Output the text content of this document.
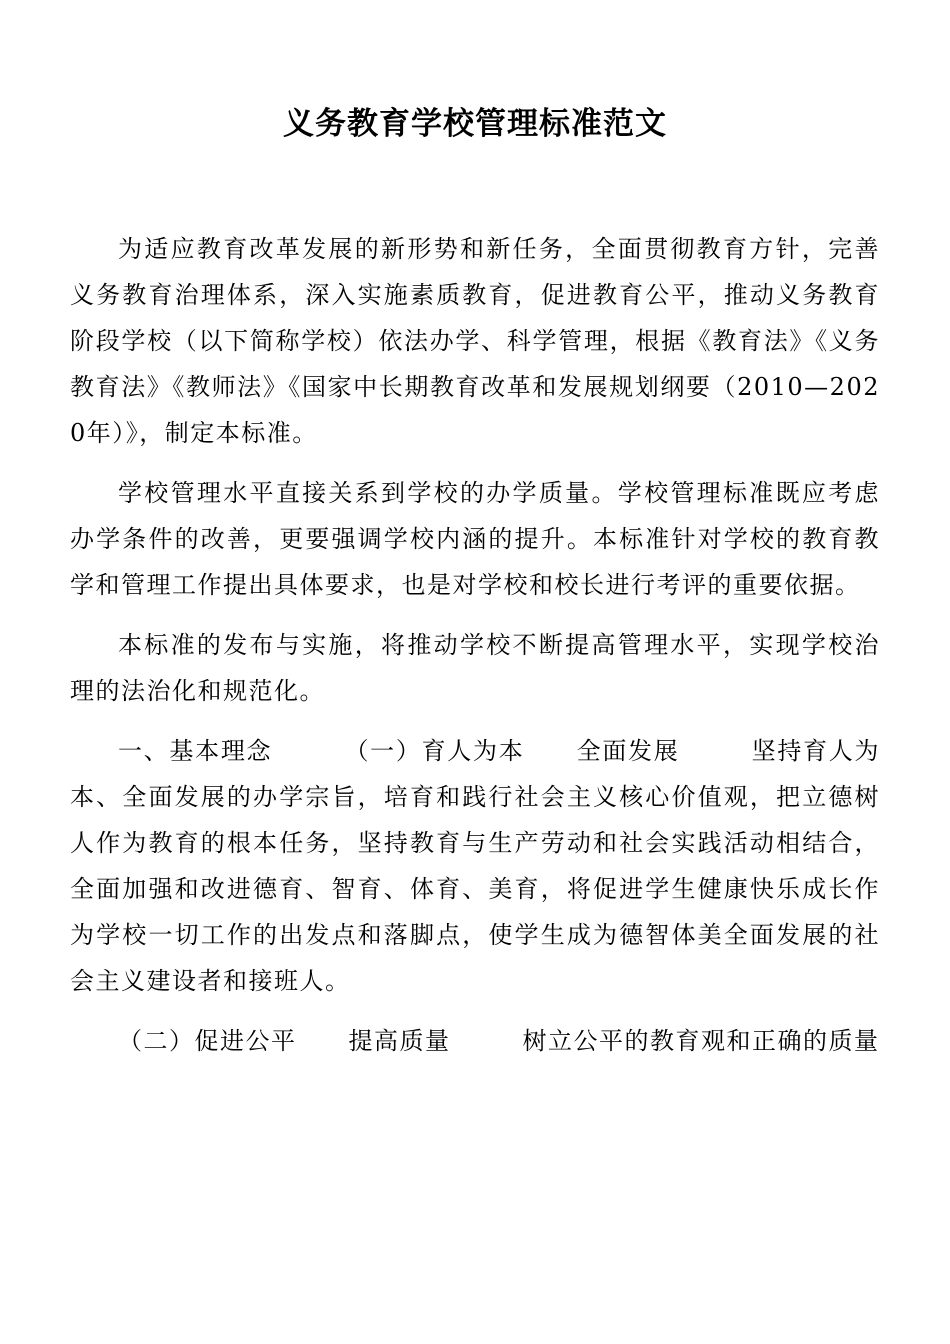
义务教育学校管理标准范文

为适应教育改革发展的新形势和新任务，全面贯彻教育方针，完善义务教育治理体系，深入实施素质教育，促进教育公平，推动义务教育阶段学校（以下简称学校）依法办学、科学管理，根据《教育法》《义务教育法》《教师法》《国家中长期教育改革和发展规划纲要（2010—2020年）》，制定本标准。

学校管理水平直接关系到学校的办学质量。学校管理标准既应考虑办学条件的改善，更要强调学校内涵的提升。本标准针对学校的教育教学和管理工作提出具体要求，也是对学校和校长进行考评的重要依据。

本标准的发布与实施，将推动学校不断提高管理水平，实现学校治理的法治化和规范化。

一、基本理念	（一）育人为本 全面发展	坚持育人为本、全面发展的办学宗旨，培育和践行社会主义核心价值观，把立德树人作为教育的根本任务，坚持教育与生产劳动和社会实践活动相结合，全面加强和改进德育、智育、体育、美育，将促进学生健康快乐成长作为学校一切工作的出发点和落脚点，使学生成为德智体美全面发展的社会主义建设者和接班人。

（二）促进公平 提高质量	树立公平的教育观和正确的质量
